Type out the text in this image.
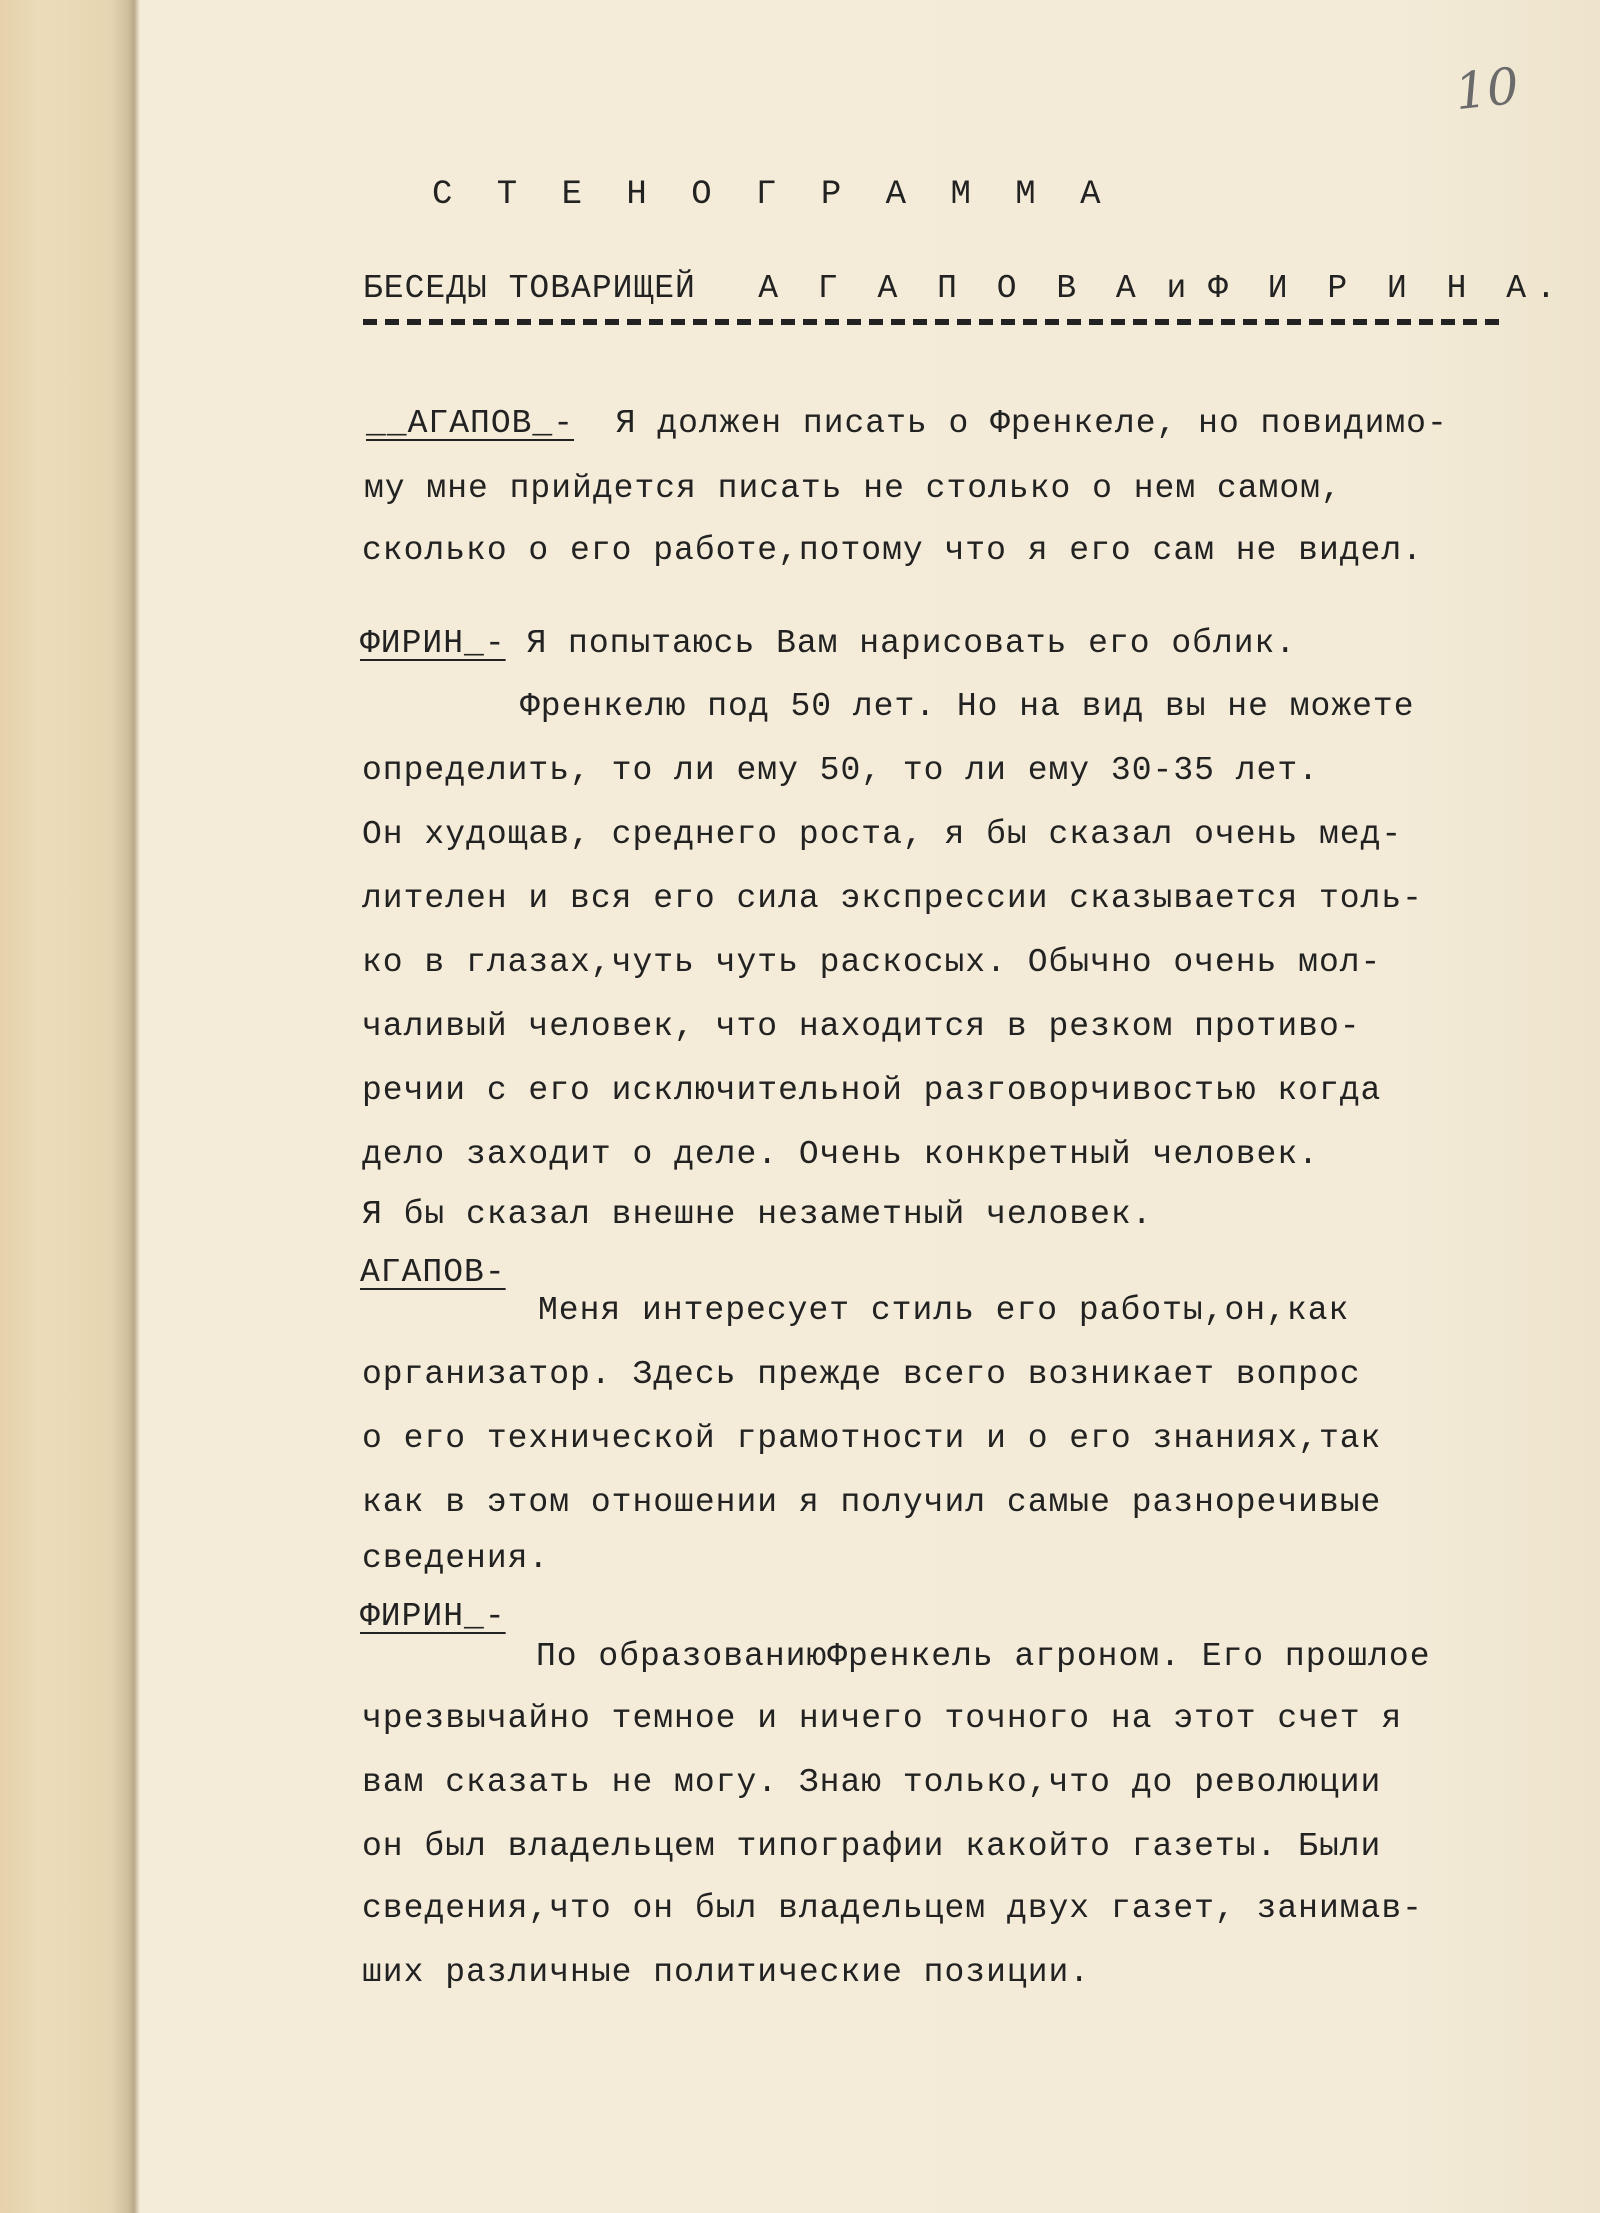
10
С Т Е Н О Г Р А М М А
БЕСЕДЫ ТОВАРИЩЕЙ А Г А П О В А и Ф И Р И Н А.
__АГАПОВ_- Я должен писать о Френкеле, но повидимо-
му мне прийдется писать не столько о нем самом,
сколько о его работе,потому что я его сам не видел.
ФИРИН_- Я попытаюсь Вам нарисовать его облик.
Френкелю под 50 лет. Но на вид вы не можете
определить, то ли ему 50, то ли ему 30-35 лет.
Он худощав, среднего роста, я бы сказал очень мед-
лителен и вся его сила экспрессии сказывается толь-
ко в глазах,чуть чуть раскосых. Обычно очень мол-
чаливый человек, что находится в резком противо-
речии с его исключительной разговорчивостью когда
дело заходит о деле. Очень конкретный человек.
Я бы сказал внешне незаметный человек.
АГАПОВ-
Меня интересует стиль его работы,он,как
организатор. Здесь прежде всего возникает вопрос
о его технической грамотности и о его знаниях,так
как в этом отношении я получил самые разноречивые
сведения.
ФИРИН_-
По образованиюФренкель агроном. Его прошлое
чрезвычайно темное и ничего точного на этот счет я
вам сказать не могу. Знаю только,что до революции
он был владельцем типографии какойто газеты. Были
сведения,что он был владельцем двух газет, занимав-
ших различные политические позиции.
